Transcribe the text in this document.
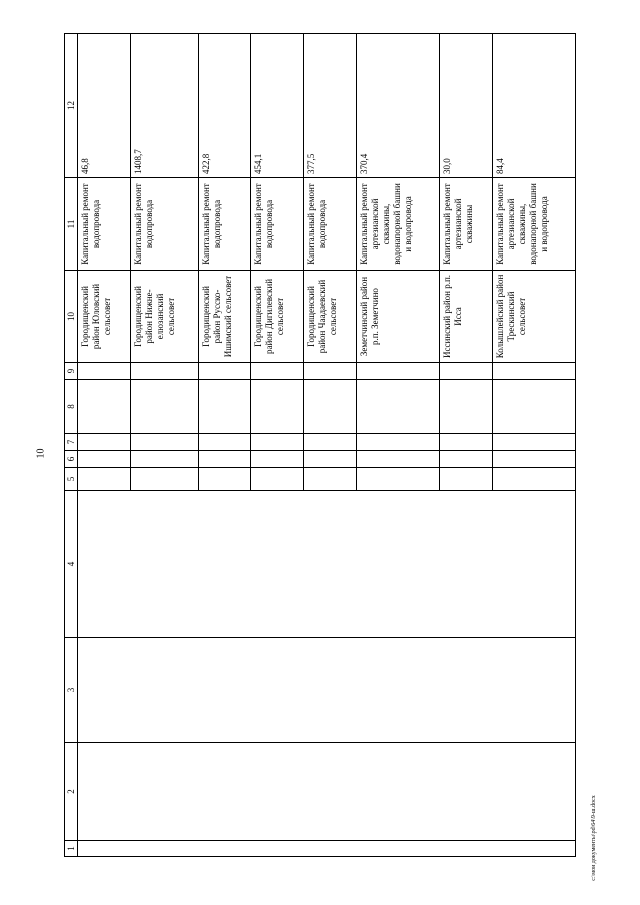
10
1	2	3	4	5	6	7	8	9	10	11	12
									Городищенский район Юловский сельсовет	Капитальный ремонт водопровода	46,8
									Городищенский район Нижне-елюзанский сельсовет	Капитальный ремонт водопровода	1408,7
									Городищенский район Русско-Ишимский сельсовет	Капитальный ремонт водопровода	422,8
									Городищенский район Дигилевский сельсовет	Капитальный ремонт водопровода	454,1
									Городищенский район Чаадаевский сельсовет	Капитальный ремонт водопровода	377,5
									Земетчинский район р.п. Земетчино	Капитальный ремонт артезианской скважины, водонапорной башни и водопровода	370,4
									Иссинский район р.п. Исса	Капитальный ремонт артезианской скважины	30,0
									Колышлейский район Трескинский сельсовет	Капитальный ремонт артезианской скважины, водонапорной башни и водопровода	84,4
c:\мои документы\pd\64\9-ш.docx
